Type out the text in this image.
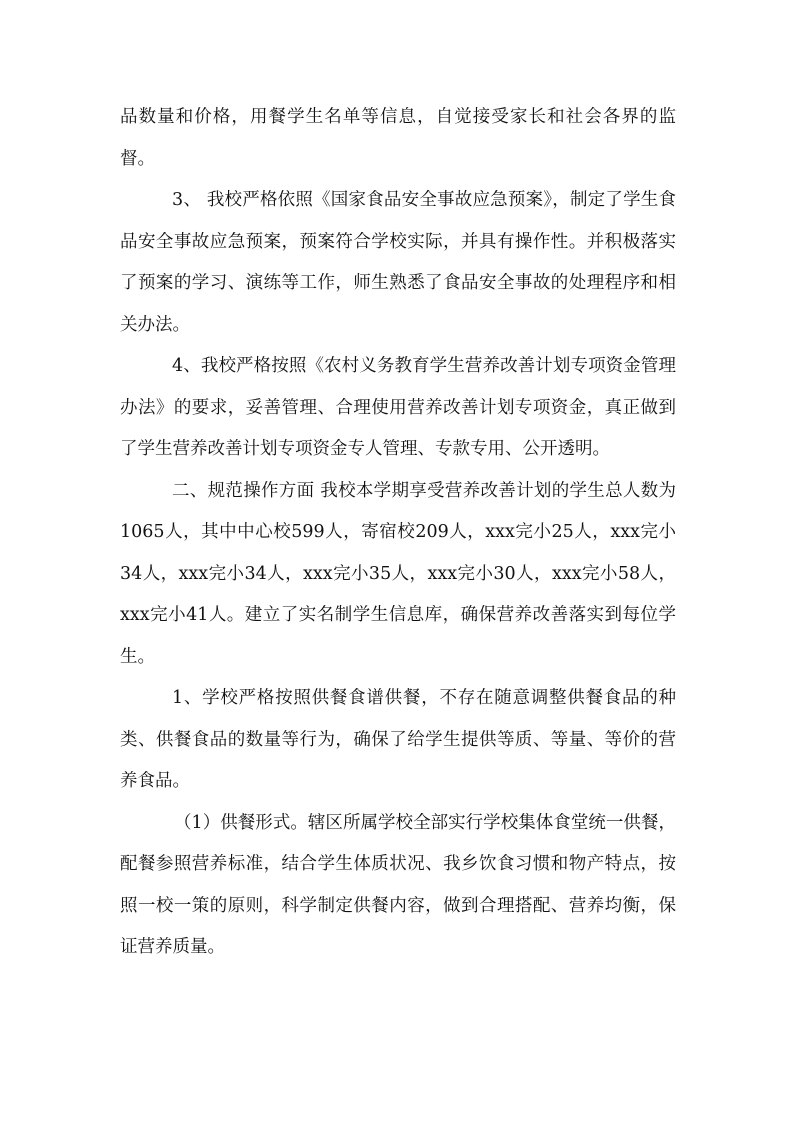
品数量和价格，用餐学生名单等信息，自觉接受家长和社会各界的监督。

3、 我校严格依照《国家食品安全事故应急预案》，制定了学生食品安全事故应急预案，预案符合学校实际，并具有操作性。并积极落实了预案的学习、演练等工作，师生熟悉了食品安全事故的处理程序和相关办法。

4、我校严格按照《农村义务教育学生营养改善计划专项资金管理办法》的要求，妥善管理、合理使用营养改善计划专项资金，真正做到了学生营养改善计划专项资金专人管理、专款专用、公开透明。

二、规范操作方面 我校本学期享受营养改善计划的学生总人数为1065人，其中中心校599人，寄宿校209人，xxx完小25人，xxx完小34人，xxx完小34人，xxx完小35人，xxx完小30人，xxx完小58人，xxx完小41人。建立了实名制学生信息库，确保营养改善落实到每位学生。

1、学校严格按照供餐食谱供餐，不存在随意调整供餐食品的种类、供餐食品的数量等行为，确保了给学生提供等质、等量、等价的营养食品。

（1）供餐形式。辖区所属学校全部实行学校集体食堂统一供餐，配餐参照营养标准，结合学生体质状况、我乡饮食习惯和物产特点，按照一校一策的原则，科学制定供餐内容，做到合理搭配、营养均衡，保证营养质量。
